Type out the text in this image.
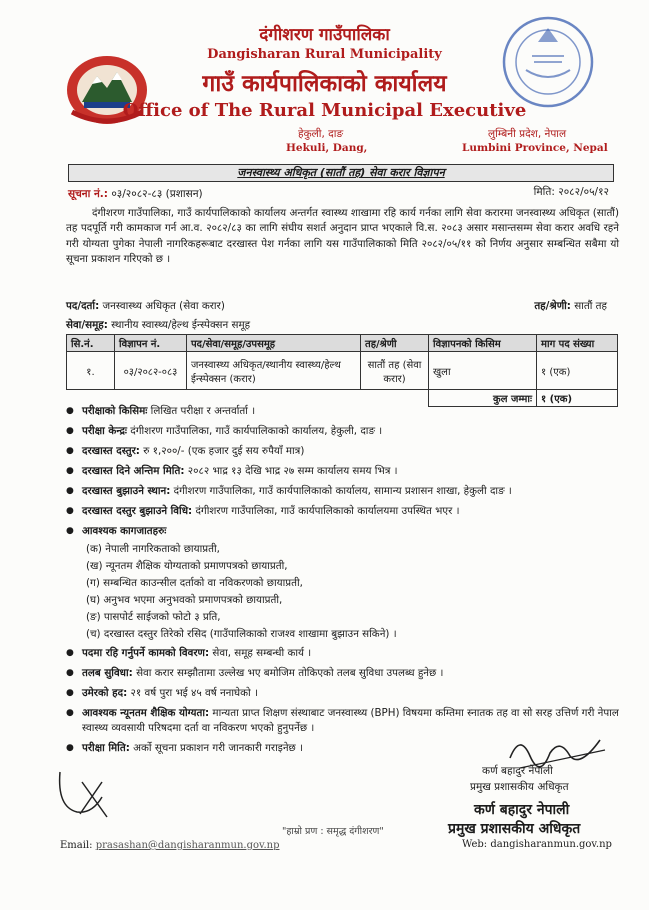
दंगीशरण गाउँपालिका
Dangisharan Rural Municipality
गाउँ कार्यपालिकाको कार्यालय
Office of The Rural Municipal Executive
हेकुली, दाङ
Hekuli, Dang,
लुम्बिनी प्रदेश, नेपाल
Lumbini Province, Nepal
जनस्वास्थ्य अधिकृत (सातौं तह) सेवा करार विज्ञापन
सूचना नं.: ०३/२०८२-८३ (प्रशासन)	मिति: २०८२/०५/१२

दंगीशरण गाउँपालिका, गाउँ कार्यपालिकाको कार्यालय अन्तर्गत स्वास्थ्य शाखामा रहि कार्य गर्नका लागि सेवा करारमा जनस्वास्थ्य अधिकृत (सातौं) तह पदपूर्ति गरी कामकाज गर्न आ.व. २०८२/८३ का लागि संघीय सशर्त अनुदान प्राप्त भएकाले वि.स. २०८३ असार मसान्तसम्म सेवा करार अवधि रहने गरी योग्यता पुगेका नेपाली नागरिकहरूबाट दरखास्त पेश गर्नका लागि यस गाउँपालिकाको मिति २०८२/०५/११ को निर्णय अनुसार सम्बन्धित सबैमा यो सूचना प्रकाशन गरिएको छ ।

पद/दर्ता: जनस्वास्थ्य अधिकृत (सेवा करार)	तह/श्रेणी: सातौं तह
सेवा/समूह: स्थानीय स्वास्थ्य/हेल्थ ईन्स्पेक्सन समूह
सि.नं.	विज्ञापन नं.	पद/सेवा/समूह/उपसमूह	तह/श्रेणी	विज्ञापनको किसिम	माग पद संख्या
१.	०३/२०८२-०८३	जनस्वास्थ्य अधिकृत/स्थानीय स्वास्थ्य/हेल्थ ईन्स्पेक्सन (करार)	सातौं तह (सेवा करार)	खुला	१ (एक)
				कुल जम्माः	१ (एक)
● परीक्षाको किसिमः लिखित परीक्षा र अन्तर्वार्ता ।
● परीक्षा केन्द्रः दंगीशरण गाउँपालिका, गाउँ कार्यपालिकाको कार्यालय, हेकुली, दाङ ।
● दरखास्त दस्तुर: रु १,२००/- (एक हजार दुई सय रुपैयाँ मात्र)
● दरखास्त दिने अन्तिम मिति: २०८२ भाद्र १३ देखि भाद्र २७ सम्म कार्यालय समय भित्र ।
● दरखास्त बुझाउने स्थान: दंगीशरण गाउँपालिका, गाउँ कार्यपालिकाको कार्यालय, सामान्य प्रशासन शाखा, हेकुली दाङ ।
● दरखास्त दस्तुर बुझाउने विधि: दंगीशरण गाउँपालिका, गाउँ कार्यपालिकाको कार्यालयमा उपस्थित भएर ।
● आवश्यक कागजातहरुः
(क) नेपाली नागरिकताको छायाप्रती,
(ख) न्यूनतम शैक्षिक योग्यताको प्रमाणपत्रको छायाप्रती,
(ग) सम्बन्धित काउन्सील दर्ताको वा नविकरणको छायाप्रती,
(घ) अनुभव भएमा अनुभवको प्रमाणपत्रको छायाप्रती,
(ङ) पासपोर्ट साईजको फोटो ३ प्रति,
(च) दरखास्त दस्तुर तिरेको रसिद (गाउँपालिकाको राजश्व शाखामा बुझाउन सकिने) ।
● पदमा रहि गर्नुपर्ने कामको विवरण: सेवा, समूह सम्बन्धी कार्य ।
● तलब सुविधा: सेवा करार सम्झौतामा उल्लेख भए बमोजिम तोकिएको तलब सुविधा उपलब्ध हुनेछ ।
● उमेरको हद: २१ वर्ष पुरा भई ४५ वर्ष ननाघेको ।
● आवश्यक न्यूनतम शैक्षिक योग्यता: मान्यता प्राप्त शिक्षण संस्थाबाट जनस्वास्थ्य (BPH) विषयमा कम्तिमा स्नातक तह वा सो सरह उत्तिर्ण गरी नेपाल स्वास्थ्य व्यवसायी परिषदमा दर्ता वा नविकरण भएको हुनुपर्नेछ ।
● परीक्षा मिति: अर्को सूचना प्रकाशन गरी जानकारी गराइनेछ ।
कर्ण बहादुर नेपाली
प्रमुख प्रशासकीय अधिकृत
कर्ण बहादुर नेपाली
प्रमुख प्रशासकीय अधिकृत
"हाम्रो प्रण : समृद्ध दंगीशरण"
Email: prasashan@dangisharanmun.gov.np	Web: dangisharanmun.gov.np
